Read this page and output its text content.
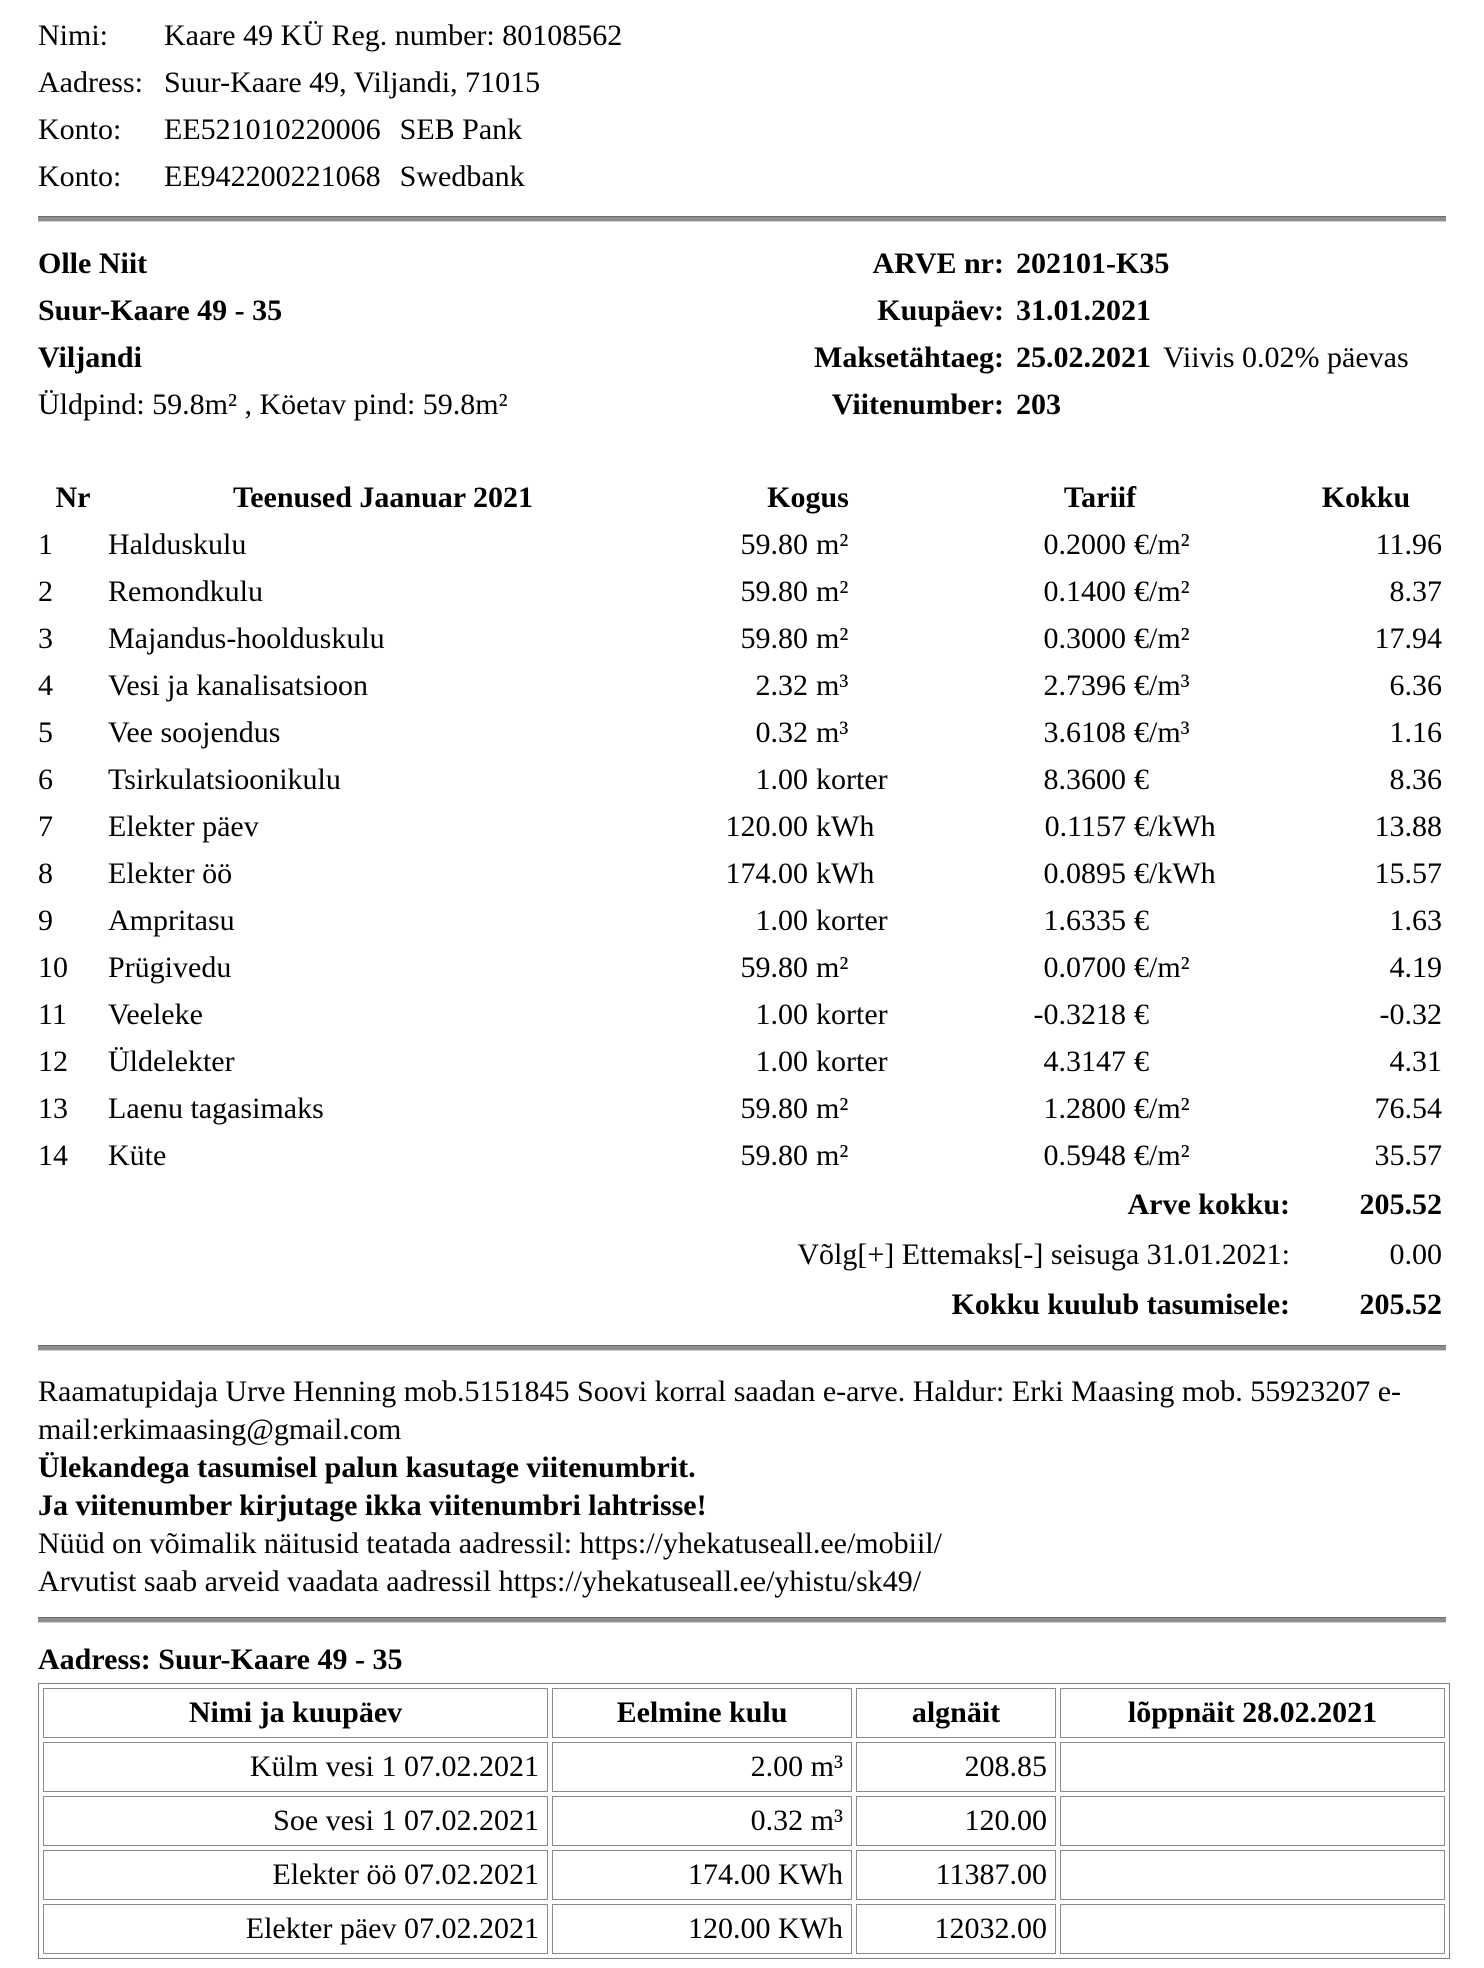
Nimi:	Kaare 49 KÜ Reg. number: 80108562
Aadress: Suur-Kaare 49, Viljandi, 71015
Konto:	EE521010220006 SEB Pank
Konto:	EE942200221068 Swedbank
Olle Niit	ARVE nr: 202101-K35
Suur-Kaare 49 - 35	Kuupäev: 31.01.2021
Viljandi	Maksetähtaeg: 25.02.2021 Viivis 0.02% päevas
Üldpind: 59.8m² , Köetav pind: 59.8m²	Viitenumber: 203
Nr	Teenused Jaanuar 2021	Kogus	Tariif	Kokku
1	Halduskulu	59.80 m²	0.2000 €/m²	11.96
2	Remondkulu	59.80 m²	0.1400 €/m²	8.37
3	Majandus-hoolduskulu	59.80 m²	0.3000 €/m²	17.94
4	Vesi ja kanalisatsioon	2.32 m³	2.7396 €/m³	6.36
5	Vee soojendus	0.32 m³	3.6108 €/m³	1.16
6	Tsirkulatsioonikulu	1.00 korter	8.3600 €	8.36
7	Elekter päev	120.00 kWh	0.1157 €/kWh	13.88
8	Elekter öö	174.00 kWh	0.0895 €/kWh	15.57
9	Ampritasu	1.00 korter	1.6335 €	1.63
10	Prügivedu	59.80 m²	0.0700 €/m²	4.19
11	Veeleke	1.00 korter	-0.3218 €	-0.32
12	Üldelekter	1.00 korter	4.3147 €	4.31
13	Laenu tagasimaks	59.80 m²	1.2800 €/m²	76.54
14	Küte	59.80 m²	0.5948 €/m²	35.57
Arve kokku:	205.52
Võlg[+] Ettemaks[-] seisuga 31.01.2021:	0.00
Kokku kuulub tasumisele:	205.52

Raamatupidaja Urve Henning mob.5151845 Soovi korral saadan e-arve. Haldur: Erki Maasing mob. 55923207 e-mail:erkimaasing@gmail.com

Ülekandega tasumisel palun kasutage viitenumbrit.

Ja viitenumber kirjutage ikka viitenumbri lahtrisse!

Nüüd on võimalik näitusid teatada aadressil: https://yhekatuseall.ee/mobiil/

Arvutist saab arveid vaadata aadressil https://yhekatuseall.ee/yhistu/sk49/

Aadress: Suur-Kaare 49 - 35
Nimi ja kuupäev	Eelmine kulu	algnäit	lõppnäit 28.02.2021
Külm vesi 1 07.02.2021	2.00 m³	208.85	
Soe vesi 1 07.02.2021	0.32 m³	120.00	
Elekter öö 07.02.2021	174.00 KWh	11387.00	
Elekter päev 07.02.2021	120.00 KWh	12032.00	
